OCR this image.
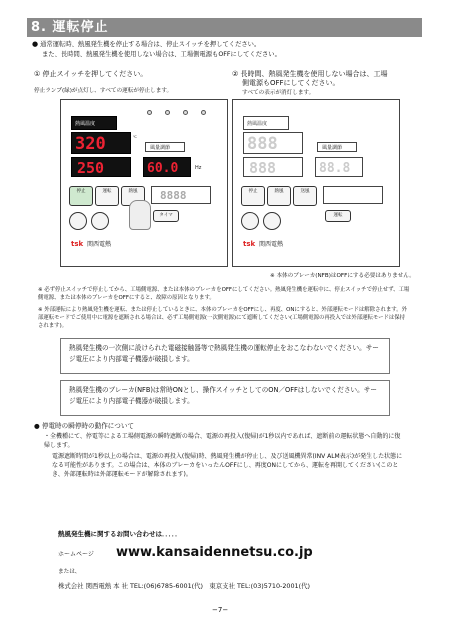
8. 運転停止
● 通常運転時、熱風発生機を停止する場合は、停止スイッチを押してください。
また、長時間、熱風発生機を使用しない場合は、工場側電源もOFFにしてください。
① 停止スイッチを押してください。
停止ランプ(緑)が点灯し、すべての運転が停止します。
② 長時間、熱風発生機を使用しない場合は、工場
側電源もOFFにしてください。
すべての表示が消灯します。
熱風温度
320
250
℃
風量調節
60.0	Hz
停止	運転	熱風	8888
タイマ
tsk 関西電熱
熱風温度
888
888
風量調節
88.8
停止	熱風	送風
運転
tsk 関西電熱
※ 本体のブレーカ(NFB)はOFFにする必要はありません。
※ 必ず停止スイッチで停止してから、工場側電源、または本体のブレーカをOFFにしてください。熱風発生機を運転中に、停止スイッチで停止せず、工場側電源、または本体のブレーカをOFFにすると、故障の原因となります。
※ 外部運転により熱風発生機を運転、または停止しているときに、本体のブレーカをOFFにし、再度、ONにすると、外部運転モードは解除されます。外部運転モードでご使用中に電源を遮断される場合は、必ず工場側電源(一次側電源)にて遮断してください(工場側電源の再投入では外部運転モードは保持されます)。
熱風発生機の一次側に設けられた電磁接触器等で熱風発生機の運転停止をおこなわないでください。サージ電圧により内部電子機器が破損します。
熱風発生機のブレーカ(NFB)は常時ONとし、操作スイッチとしてのON／OFFはしないでください。サージ電圧により内部電子機器が破損します。
● 停電時の瞬停時の動作について
・全機種にて、停電等による工場側電源の瞬時遮断の場合、電源の再投入(復帰)が1秒以内であれば、遮断前の運転状態へ自動的に復帰します。
電源遮断時間が1秒以上の場合は、電源の再投入(復帰)時、熱風発生機が停止し、及び送風機異常(INV ALM表示)が発生した状態になる可能性があります。この場合は、本体のブレーカをいったんOFFにし、再度ONにしてから、運転を再開してください(このとき、外部運転時は外部運転モードが解除されます)。
熱風発生機に関するお問い合わせは．．．．．
ホームページ www.kansaidennetsu.co.jp
または、
株式会社 関西電熱 本 社 TEL:(06)6785-6001(代)　東京支社 TEL:(03)5710-2001(代)
−7−
